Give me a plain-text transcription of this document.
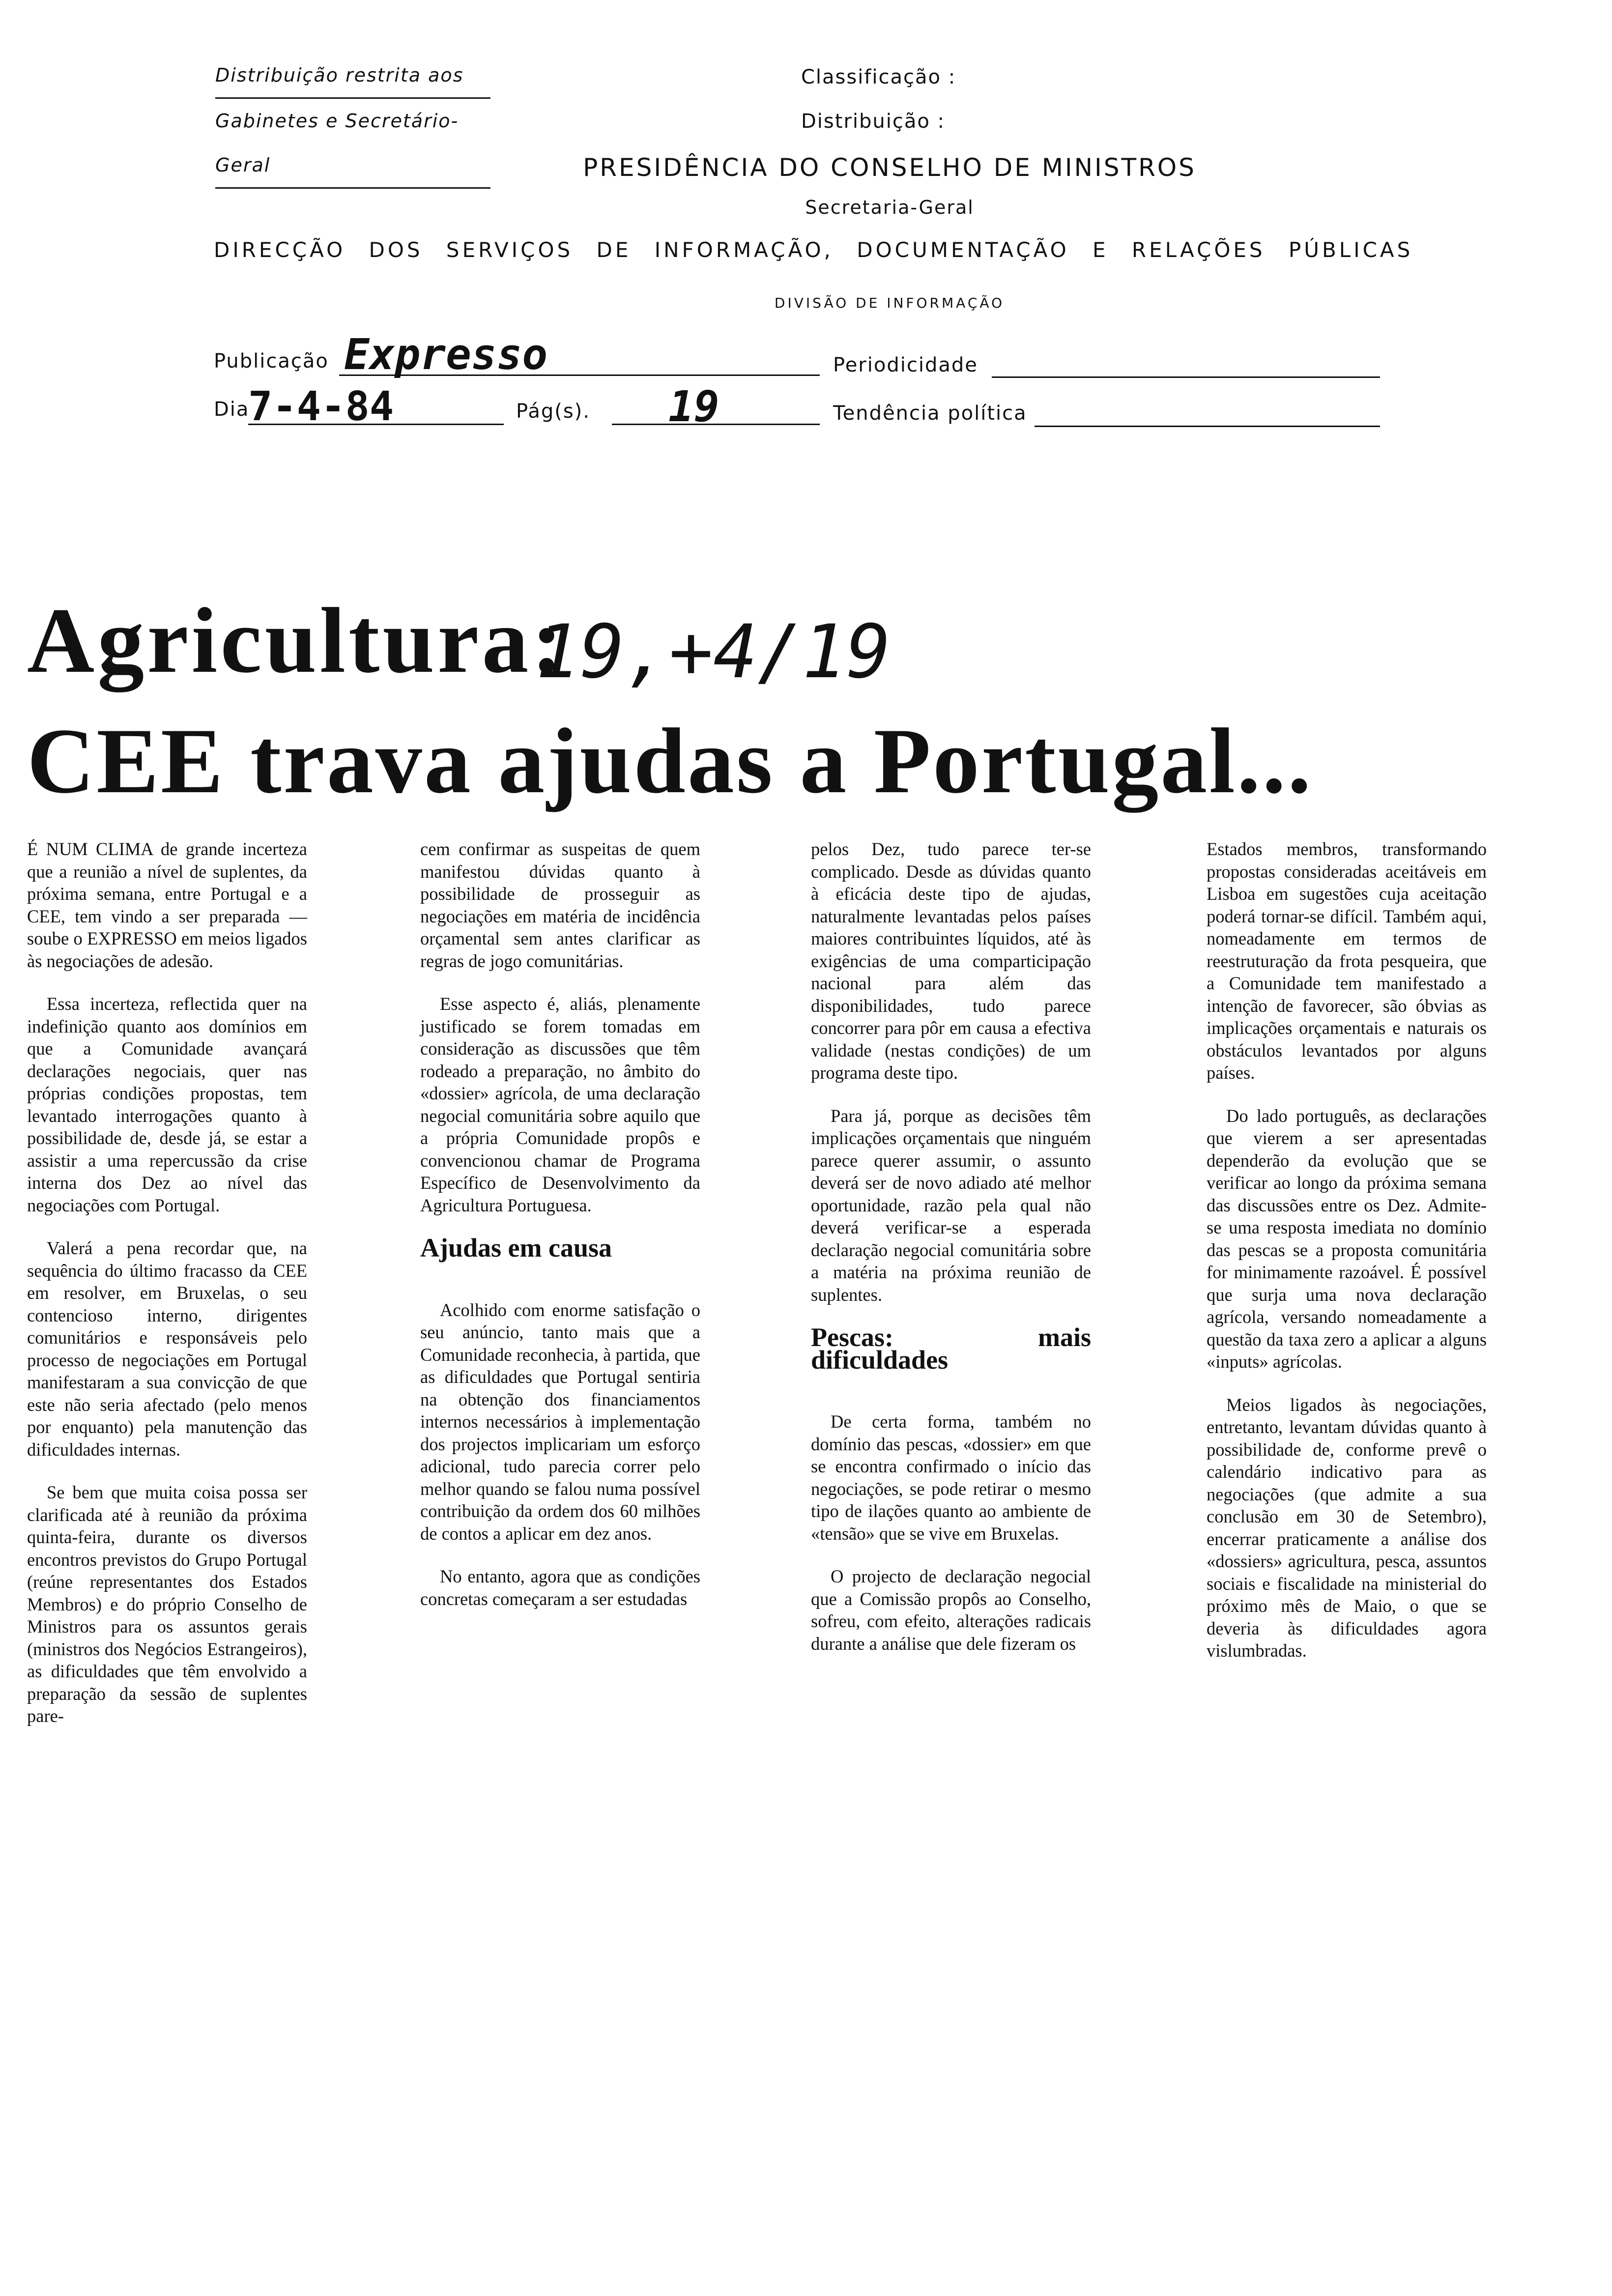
Distribuição restrita aos
Gabinetes e Secretário-Geral
Classificação :
Distribuição :
PRESIDÊNCIA DO CONSELHO DE MINISTROS
Secretaria-Geral
DIRECÇÃO DOS SERVIÇOS DE INFORMAÇÃO, DOCUMENTAÇÃO E RELAÇÕES PÚBLICAS
DIVISÃO DE INFORMAÇÃO
Publicação Expresso	Periodicidade
Dia
7-4-84	Pág(s). 19	Tendência política
Agricultura:
19,+4/19
CEE trava ajudas a Portugal...

É NUM CLIMA de grande incerteza que a reunião a nível de suplentes, da próxima semana, entre Portugal e a CEE, tem vindo a ser preparada — soube o EXPRESSO em meios ligados às negociações de adesão.

Essa incerteza, reflectida quer na indefinição quanto aos domínios em que a Comunidade avançará declarações negociais, quer nas próprias condições propostas, tem levantado interrogações quanto à possibilidade de, desde já, se estar a assistir a uma repercussão da crise interna dos Dez ao nível das negociações com Portugal.

Valerá a pena recordar que, na sequência do último fracasso da CEE em resolver, em Bruxelas, o seu contencioso interno, dirigentes comunitários e responsáveis pelo processo de negociações em Portugal manifestaram a sua convicção de que este não seria afectado (pelo menos por enquanto) pela manutenção das dificuldades internas.

Se bem que muita coisa possa ser clarificada até à reunião da próxima quinta-feira, durante os diversos encontros previstos do Grupo Portugal (reúne representantes dos Estados Membros) e do próprio Conselho de Ministros para os assuntos gerais (ministros dos Negócios Estrangeiros), as dificuldades que têm envolvido a preparação da sessão de suplentes pare-

cem confirmar as suspeitas de quem manifestou dúvidas quanto à possibilidade de prosseguir as negociações em matéria de incidência orçamental sem antes clarificar as regras de jogo comunitárias.

Esse aspecto é, aliás, plenamente justificado se forem tomadas em consideração as discussões que têm rodeado a preparação, no âmbito do «dossier» agrícola, de uma declaração negocial comunitária sobre aquilo que a própria Comunidade propôs e convencionou chamar de Programa Específico de Desenvolvimento da Agricultura Portuguesa.

Ajudas em causa

Acolhido com enorme satisfação o seu anúncio, tanto mais que a Comunidade reconhecia, à partida, que as dificuldades que Portugal sentiria na obtenção dos financiamentos internos necessários à implementação dos projectos implicariam um esforço adicional, tudo parecia correr pelo melhor quando se falou numa possível contribuição da ordem dos 60 milhões de contos a aplicar em dez anos.

No entanto, agora que as condições concretas começaram a ser estudadas

pelos Dez, tudo parece ter-se complicado. Desde as dúvidas quanto à eficácia deste tipo de ajudas, naturalmente levantadas pelos países maiores contribuintes líquidos, até às exigências de uma comparticipação nacional para além das disponibilidades, tudo parece concorrer para pôr em causa a efectiva validade (nestas condições) de um programa deste tipo.

Para já, porque as decisões têm implicações orçamentais que ninguém parece querer assumir, o assunto deverá ser de novo adiado até melhor oportunidade, razão pela qual não deverá verificar-se a esperada declaração negocial comunitária sobre a matéria na próxima reunião de suplentes.

Pescas: mais dificuldades

De certa forma, também no domínio das pescas, «dossier» em que se encontra confirmado o início das negociações, se pode retirar o mesmo tipo de ilações quanto ao ambiente de «tensão» que se vive em Bruxelas.

O projecto de declaração negocial que a Comissão propôs ao Conselho, sofreu, com efeito, alterações radicais durante a análise que dele fizeram os

Estados membros, transformando propostas consideradas aceitáveis em Lisboa em sugestões cuja aceitação poderá tornar-se difícil. Também aqui, nomeadamente em termos de reestruturação da frota pesqueira, que a Comunidade tem manifestado a intenção de favorecer, são óbvias as implicações orçamentais e naturais os obstáculos levantados por alguns países.

Do lado português, as declarações que vierem a ser apresentadas dependerão da evolução que se verificar ao longo da próxima semana das discussões entre os Dez. Admite-se uma resposta imediata no domínio das pescas se a proposta comunitária for minimamente razoável. É possível que surja uma nova declaração agrícola, versando nomeadamente a questão da taxa zero a aplicar a alguns «inputs» agrícolas.

Meios ligados às negociações, entretanto, levantam dúvidas quanto à possibilidade de, conforme prevê o calendário indicativo para as negociações (que admite a sua conclusão em 30 de Setembro), encerrar praticamente a análise dos «dossiers» agricultura, pesca, assuntos sociais e fiscalidade na ministerial do próximo mês de Maio, o que se deveria às dificuldades agora vislumbradas.
